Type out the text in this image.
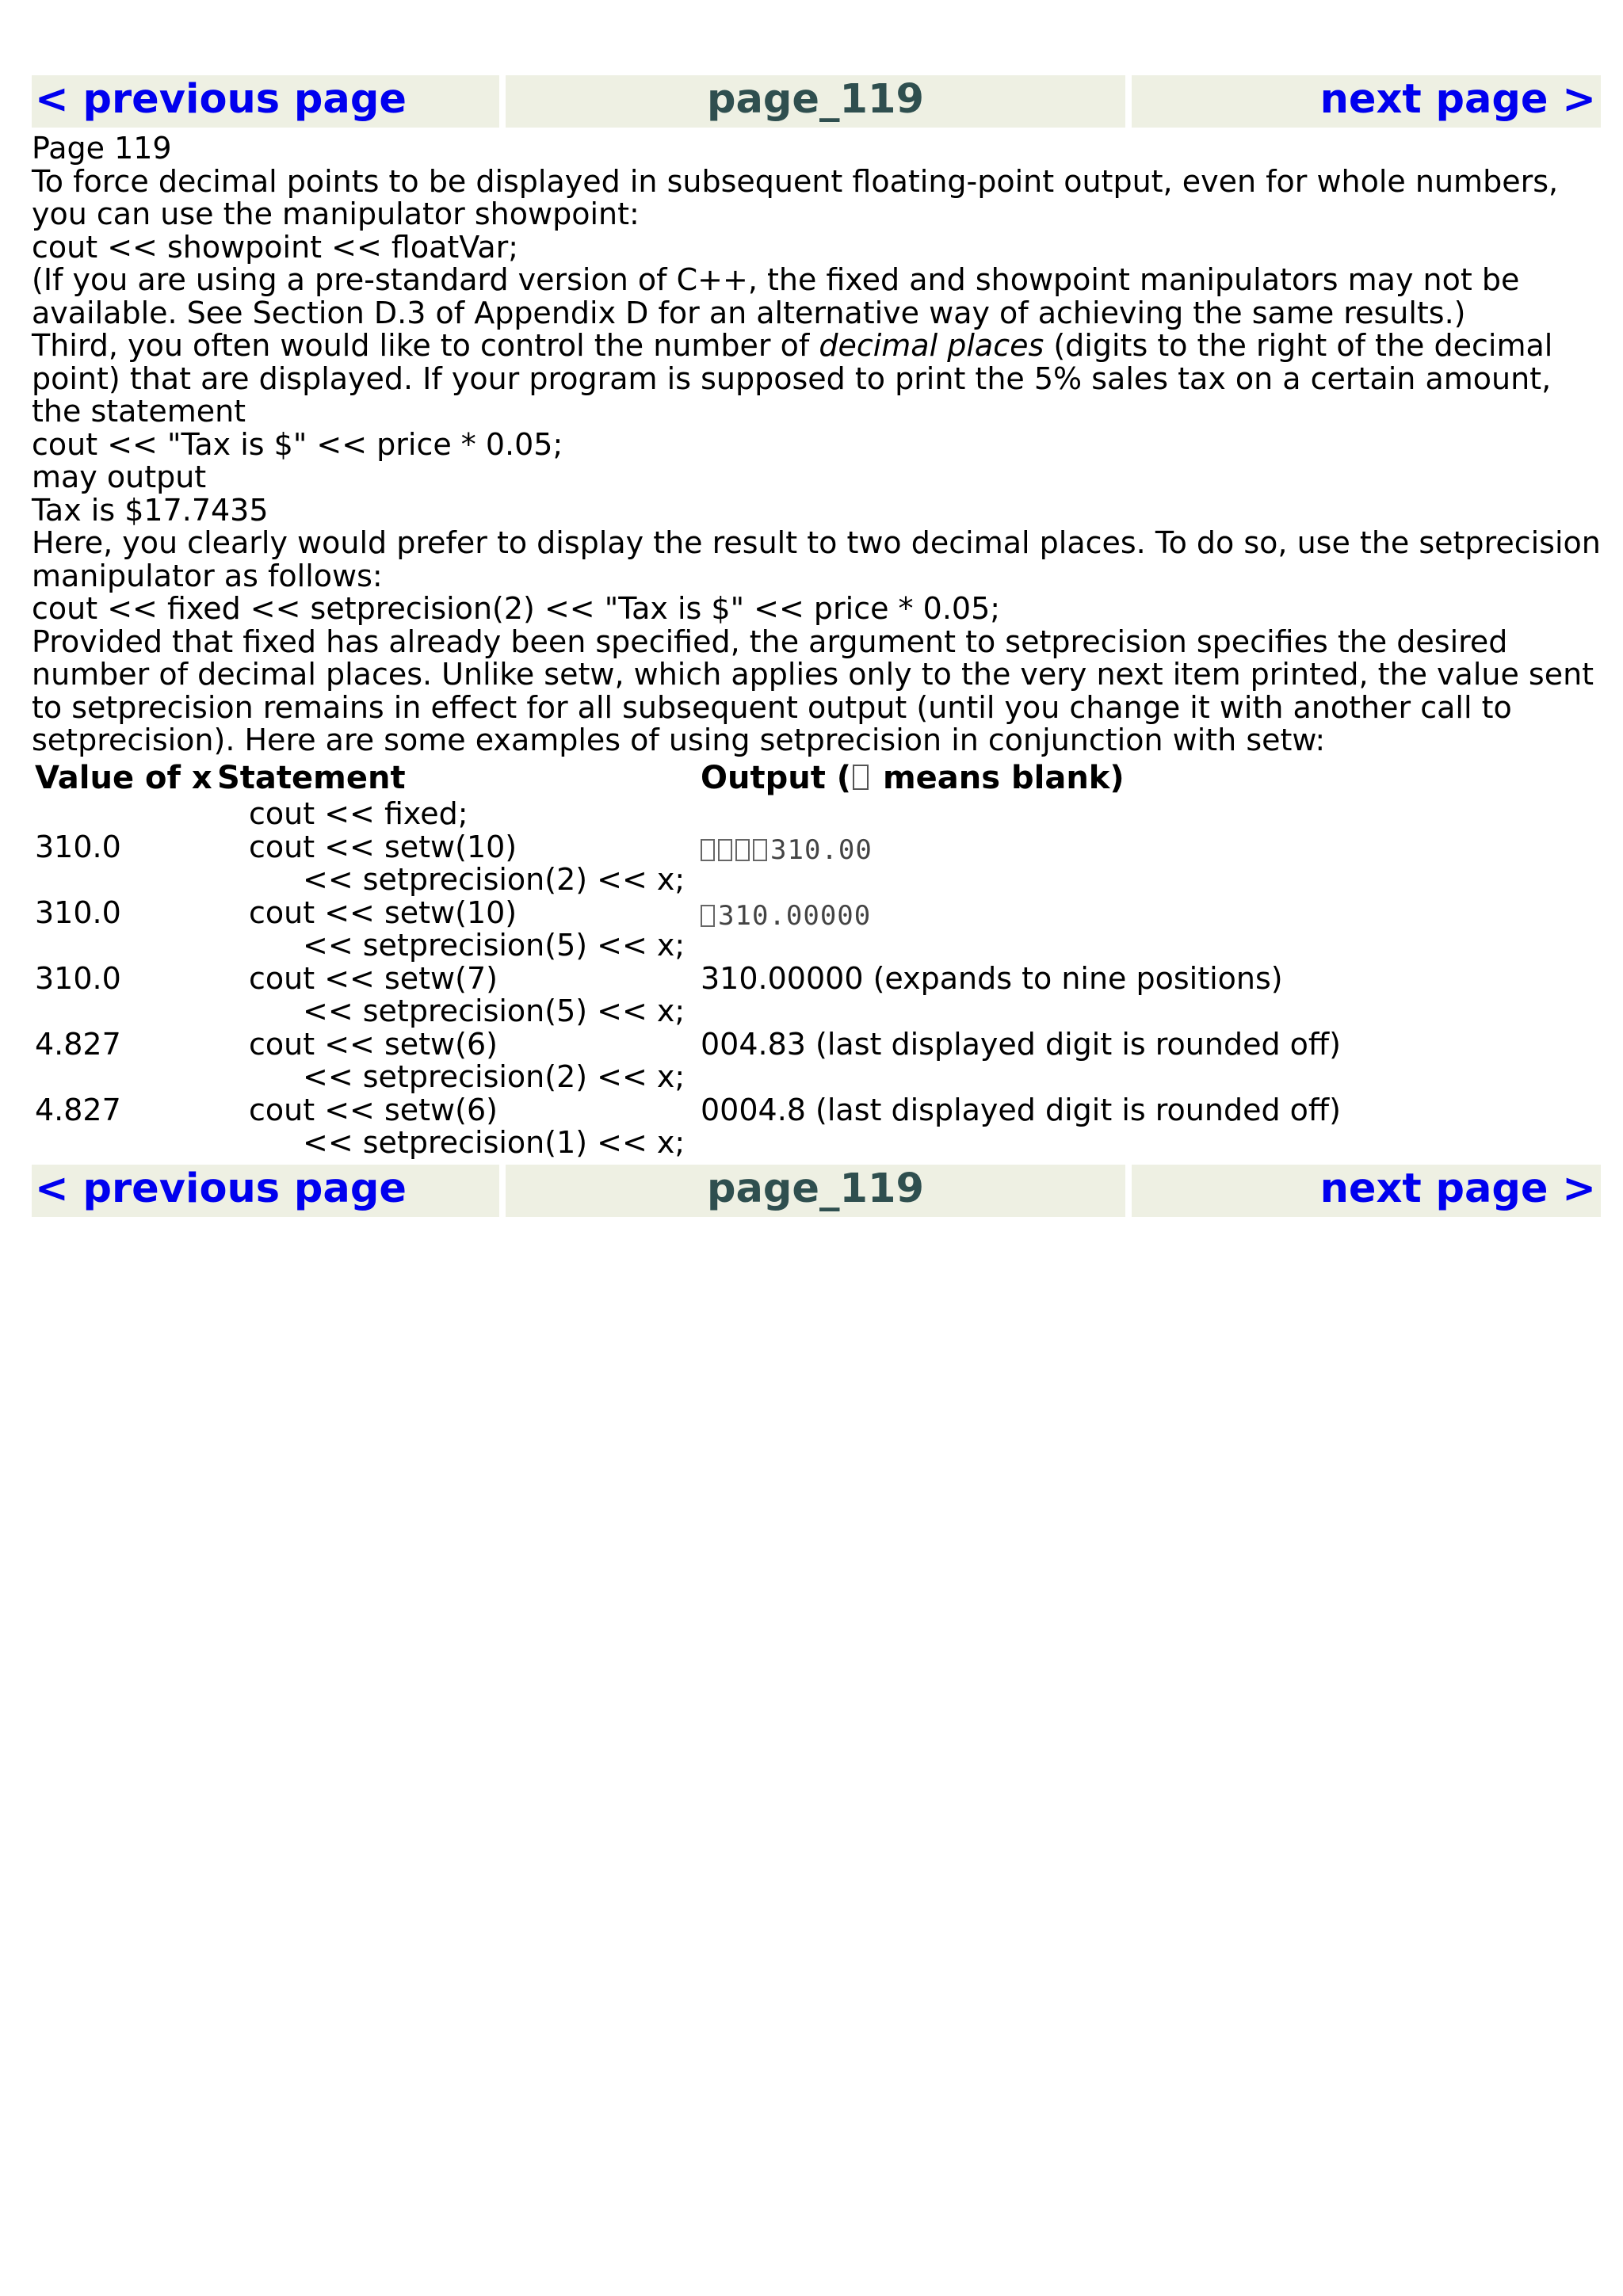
< previous page	page_119	next page >

Page 119

To force decimal points to be displayed in subsequent floating-point output, even for whole numbers, you can use the manipulator showpoint:

cout << showpoint << floatVar;

(If you are using a pre-standard version of C++, the fixed and showpoint manipulators may not be available. See Section D.3 of Appendix D for an alternative way of achieving the same results.)

Third, you often would like to control the number of decimal places (digits to the right of the decimal point) that are displayed. If your program is supposed to print the 5% sales tax on a certain amount, the statement

cout << "Tax is $" << price * 0.05;

may output

Tax is $17.7435

Here, you clearly would prefer to display the result to two decimal places. To do so, use the setprecision manipulator as follows:

cout << fixed << setprecision(2) << "Tax is $" << price * 0.05;

Provided that fixed has already been specified, the argument to setprecision specifies the desired number of decimal places. Unlike setw, which applies only to the very next item printed, the value sent to setprecision remains in effect for all subsequent output (until you change it with another call to setprecision). Here are some examples of using setprecision in conjunction with setw:

Value of x	Statement	Output ( means blank)

	cout << fixed;	

310.0	cout << setw(10)
<< setprecision(2) << x;	310.00
310.0	cout << setw(10)
<< setprecision(5) << x;	310.00000
310.0	cout << setw(7)
<< setprecision(5) << x;	310.00000 (expands to nine positions)
4.827	cout << setw(6)
<< setprecision(2) << x;	004.83 (last displayed digit is rounded off)
4.827	cout << setw(6)
<< setprecision(1) << x;	0004.8 (last displayed digit is rounded off)
< previous page	page_119	next page >
